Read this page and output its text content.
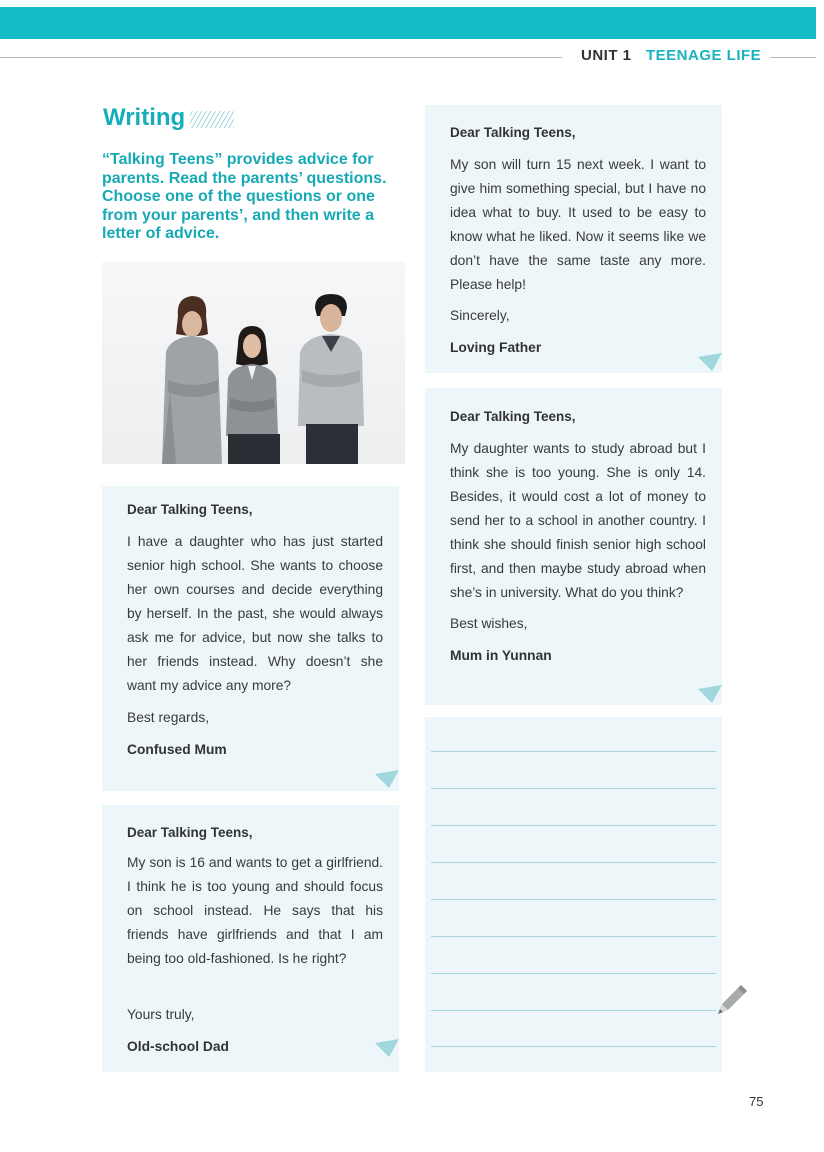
UNIT 1 TEENAGE LIFE
Writing
“Talking Teens” provides advice for parents. Read the parents’ questions. Choose one of the questions or one from your parents’, and then write a letter of advice.
Dear Talking Teens,
I have a daughter who has just started senior high school. She wants to choose her own courses and decide everything by herself. In the past, she would always ask me for advice, but now she talks to her friends instead. Why doesn’t she want my advice any more?
Best regards,
Confused Mum
Dear Talking Teens,
My son is 16 and wants to get a girlfriend. I think he is too young and should focus on school instead. He says that his friends have girlfriends and that I am being too old-fashioned. Is he right?
Yours truly,
Old-school Dad
Dear Talking Teens,
My son will turn 15 next week. I want to give him something special, but I have no idea what to buy. It used to be easy to know what he liked. Now it seems like we don’t have the same taste any more. Please help!
Sincerely,
Loving Father
Dear Talking Teens,
My daughter wants to study abroad but I think she is too young. She is only 14. Besides, it would cost a lot of money to send her to a school in another country. I think she should finish senior high school first, and then maybe study abroad when she’s in university. What do you think?
Best wishes,
Mum in Yunnan
75
